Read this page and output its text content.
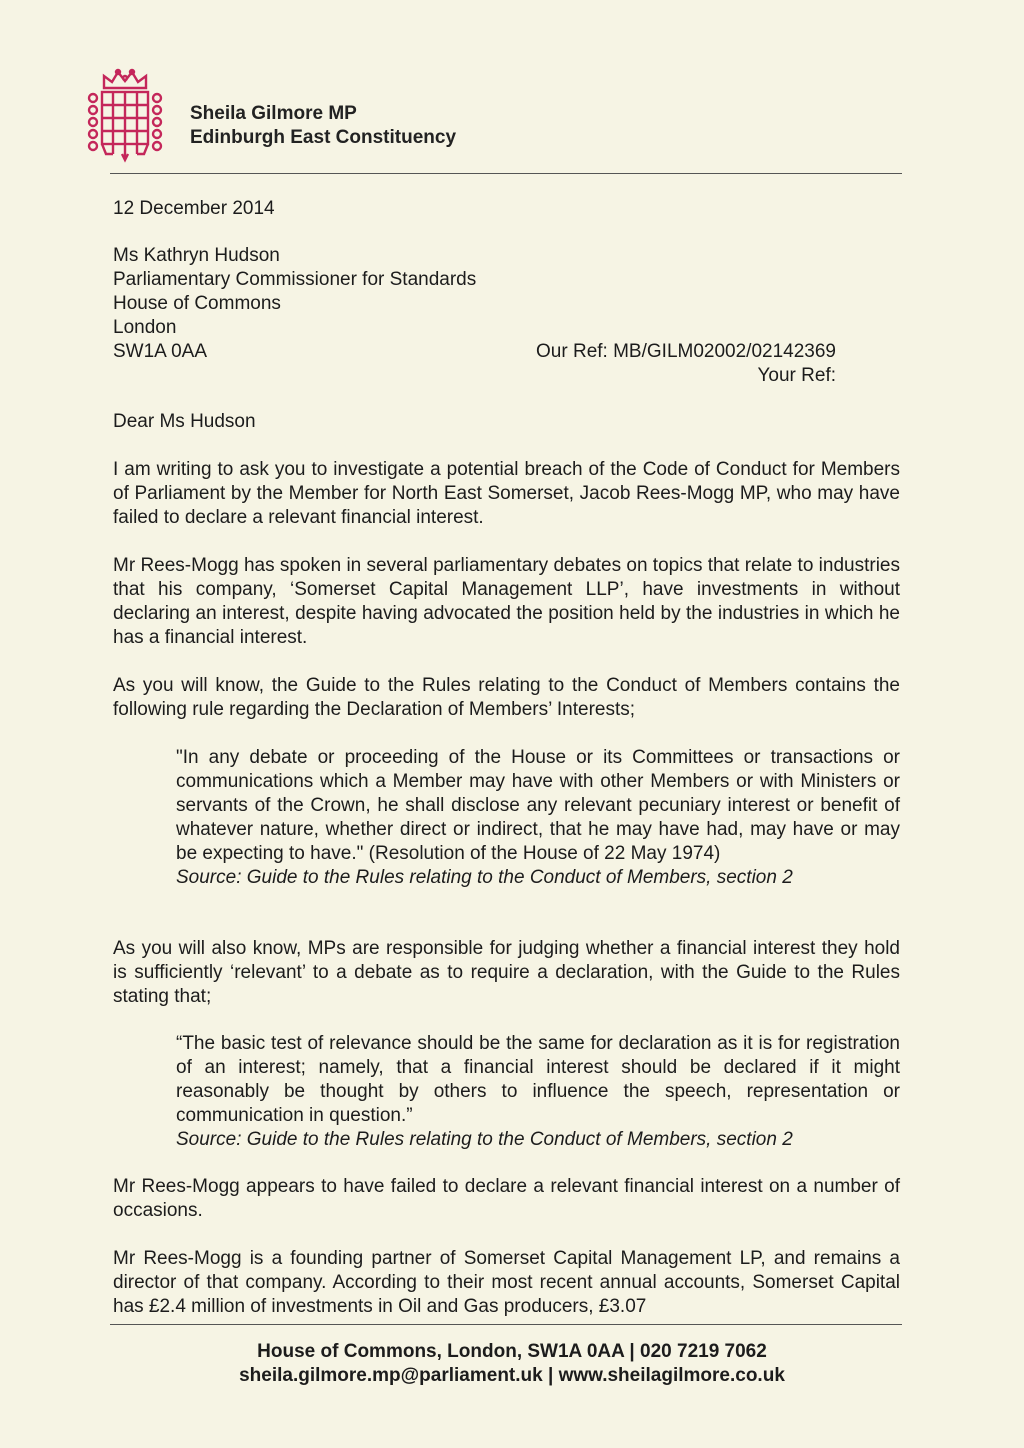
Sheila Gilmore MP
Edinburgh East Constituency
12 December 2014
Ms Kathryn Hudson
Parliamentary Commissioner for Standards
House of Commons
London
SW1A 0AA	Our Ref: MB/GILM02002/02142369
Your Ref:
Dear Ms Hudson
I am writing to ask you to investigate a potential breach of the Code of Conduct for Members of Parliament by the Member for North East Somerset, Jacob Rees-Mogg MP, who may have failed to declare a relevant financial interest.
Mr Rees-Mogg has spoken in several parliamentary debates on topics that relate to industries that his company, ‘Somerset Capital Management LLP’, have investments in without declaring an interest, despite having advocated the position held by the industries in which he has a financial interest.
As you will know, the Guide to the Rules relating to the Conduct of Members contains the following rule regarding the Declaration of Members’ Interests;
"In any debate or proceeding of the House or its Committees or transactions or communications which a Member may have with other Members or with Ministers or servants of the Crown, he shall disclose any relevant pecuniary interest or benefit of whatever nature, whether direct or indirect, that he may have had, may have or may be expecting to have." (Resolution of the House of 22 May 1974)
Source: Guide to the Rules relating to the Conduct of Members, section 2
As you will also know, MPs are responsible for judging whether a financial interest they hold is sufficiently ‘relevant’ to a debate as to require a declaration, with the Guide to the Rules stating that;
“The basic test of relevance should be the same for declaration as it is for registration of an interest; namely, that a financial interest should be declared if it might reasonably be thought by others to influence the speech, representation or communication in question.”
Source: Guide to the Rules relating to the Conduct of Members, section 2
Mr Rees-Mogg appears to have failed to declare a relevant financial interest on a number of occasions.
Mr Rees-Mogg is a founding partner of Somerset Capital Management LP, and remains a director of that company. According to their most recent annual accounts, Somerset Capital has £2.4 million of investments in Oil and Gas producers, £3.07
House of Commons, London, SW1A 0AA | 020 7219 7062
sheila.gilmore.mp@parliament.uk | www.sheilagilmore.co.uk
